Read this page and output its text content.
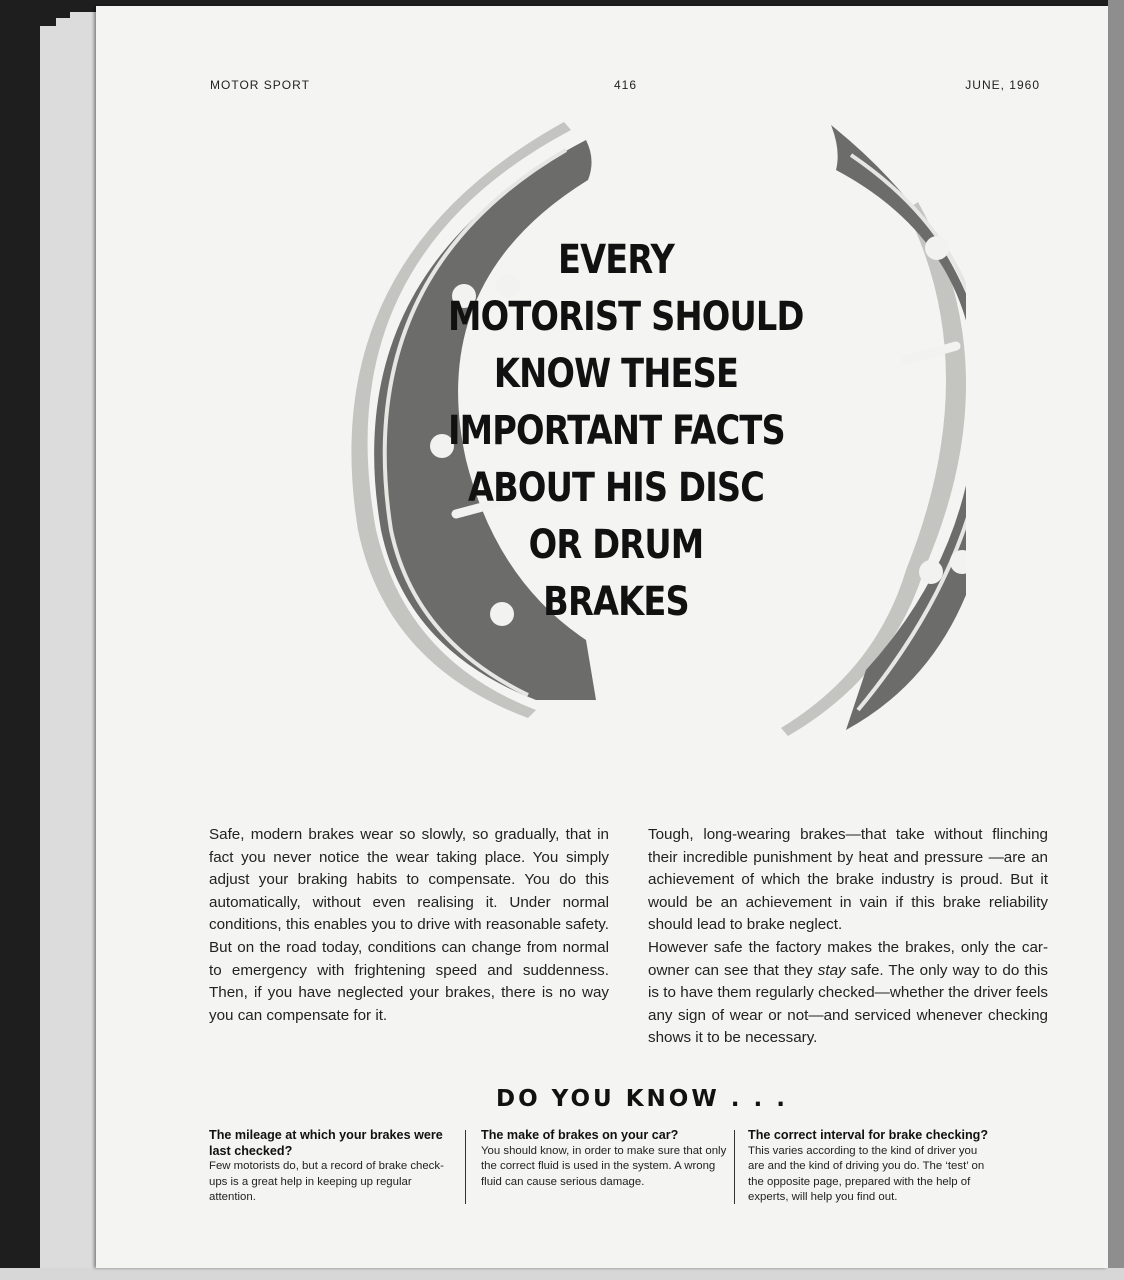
MOTOR SPORT	416	JUNE, 1960
EVERY
MOTORIST SHOULD
KNOW THESE
IMPORTANT FACTS
ABOUT HIS DISC
OR DRUM
BRAKES

Safe, modern brakes wear so slowly, so gradually, that in fact you never notice the wear taking place. You simply adjust your braking habits to compensate. You do this automatically, without even realising it. Under normal conditions, this enables you to drive with reasonable safety. But on the road today, conditions can change from normal to emergency with frightening speed and suddenness. Then, if you have neglected your brakes, there is no way you can compensate for it.

Tough, long-wearing brakes—that take without flinching their incredible punishment by heat and pressure —are an achievement of which the brake industry is proud. But it would be an achievement in vain if this brake reliability should lead to brake neglect.

However safe the factory makes the brakes, only the car-owner can see that they stay safe. The only way to do this is to have them regularly checked—whether the driver feels any sign of wear or not—and serviced whenever checking shows it to be necessary.

DO YOU KNOW . . .
The mileage at which your brakes were last checked?
Few motorists do, but a record of brake check-ups is a great help in keeping up regular attention.
The make of brakes on your car?
You should know, in order to make sure that only the correct fluid is used in the system. A wrong fluid can cause serious damage.
The correct interval for brake checking?
This varies according to the kind of driver you are and the kind of driving you do. The ‘test’ on the opposite page, prepared with the help of experts, will help you find out.
